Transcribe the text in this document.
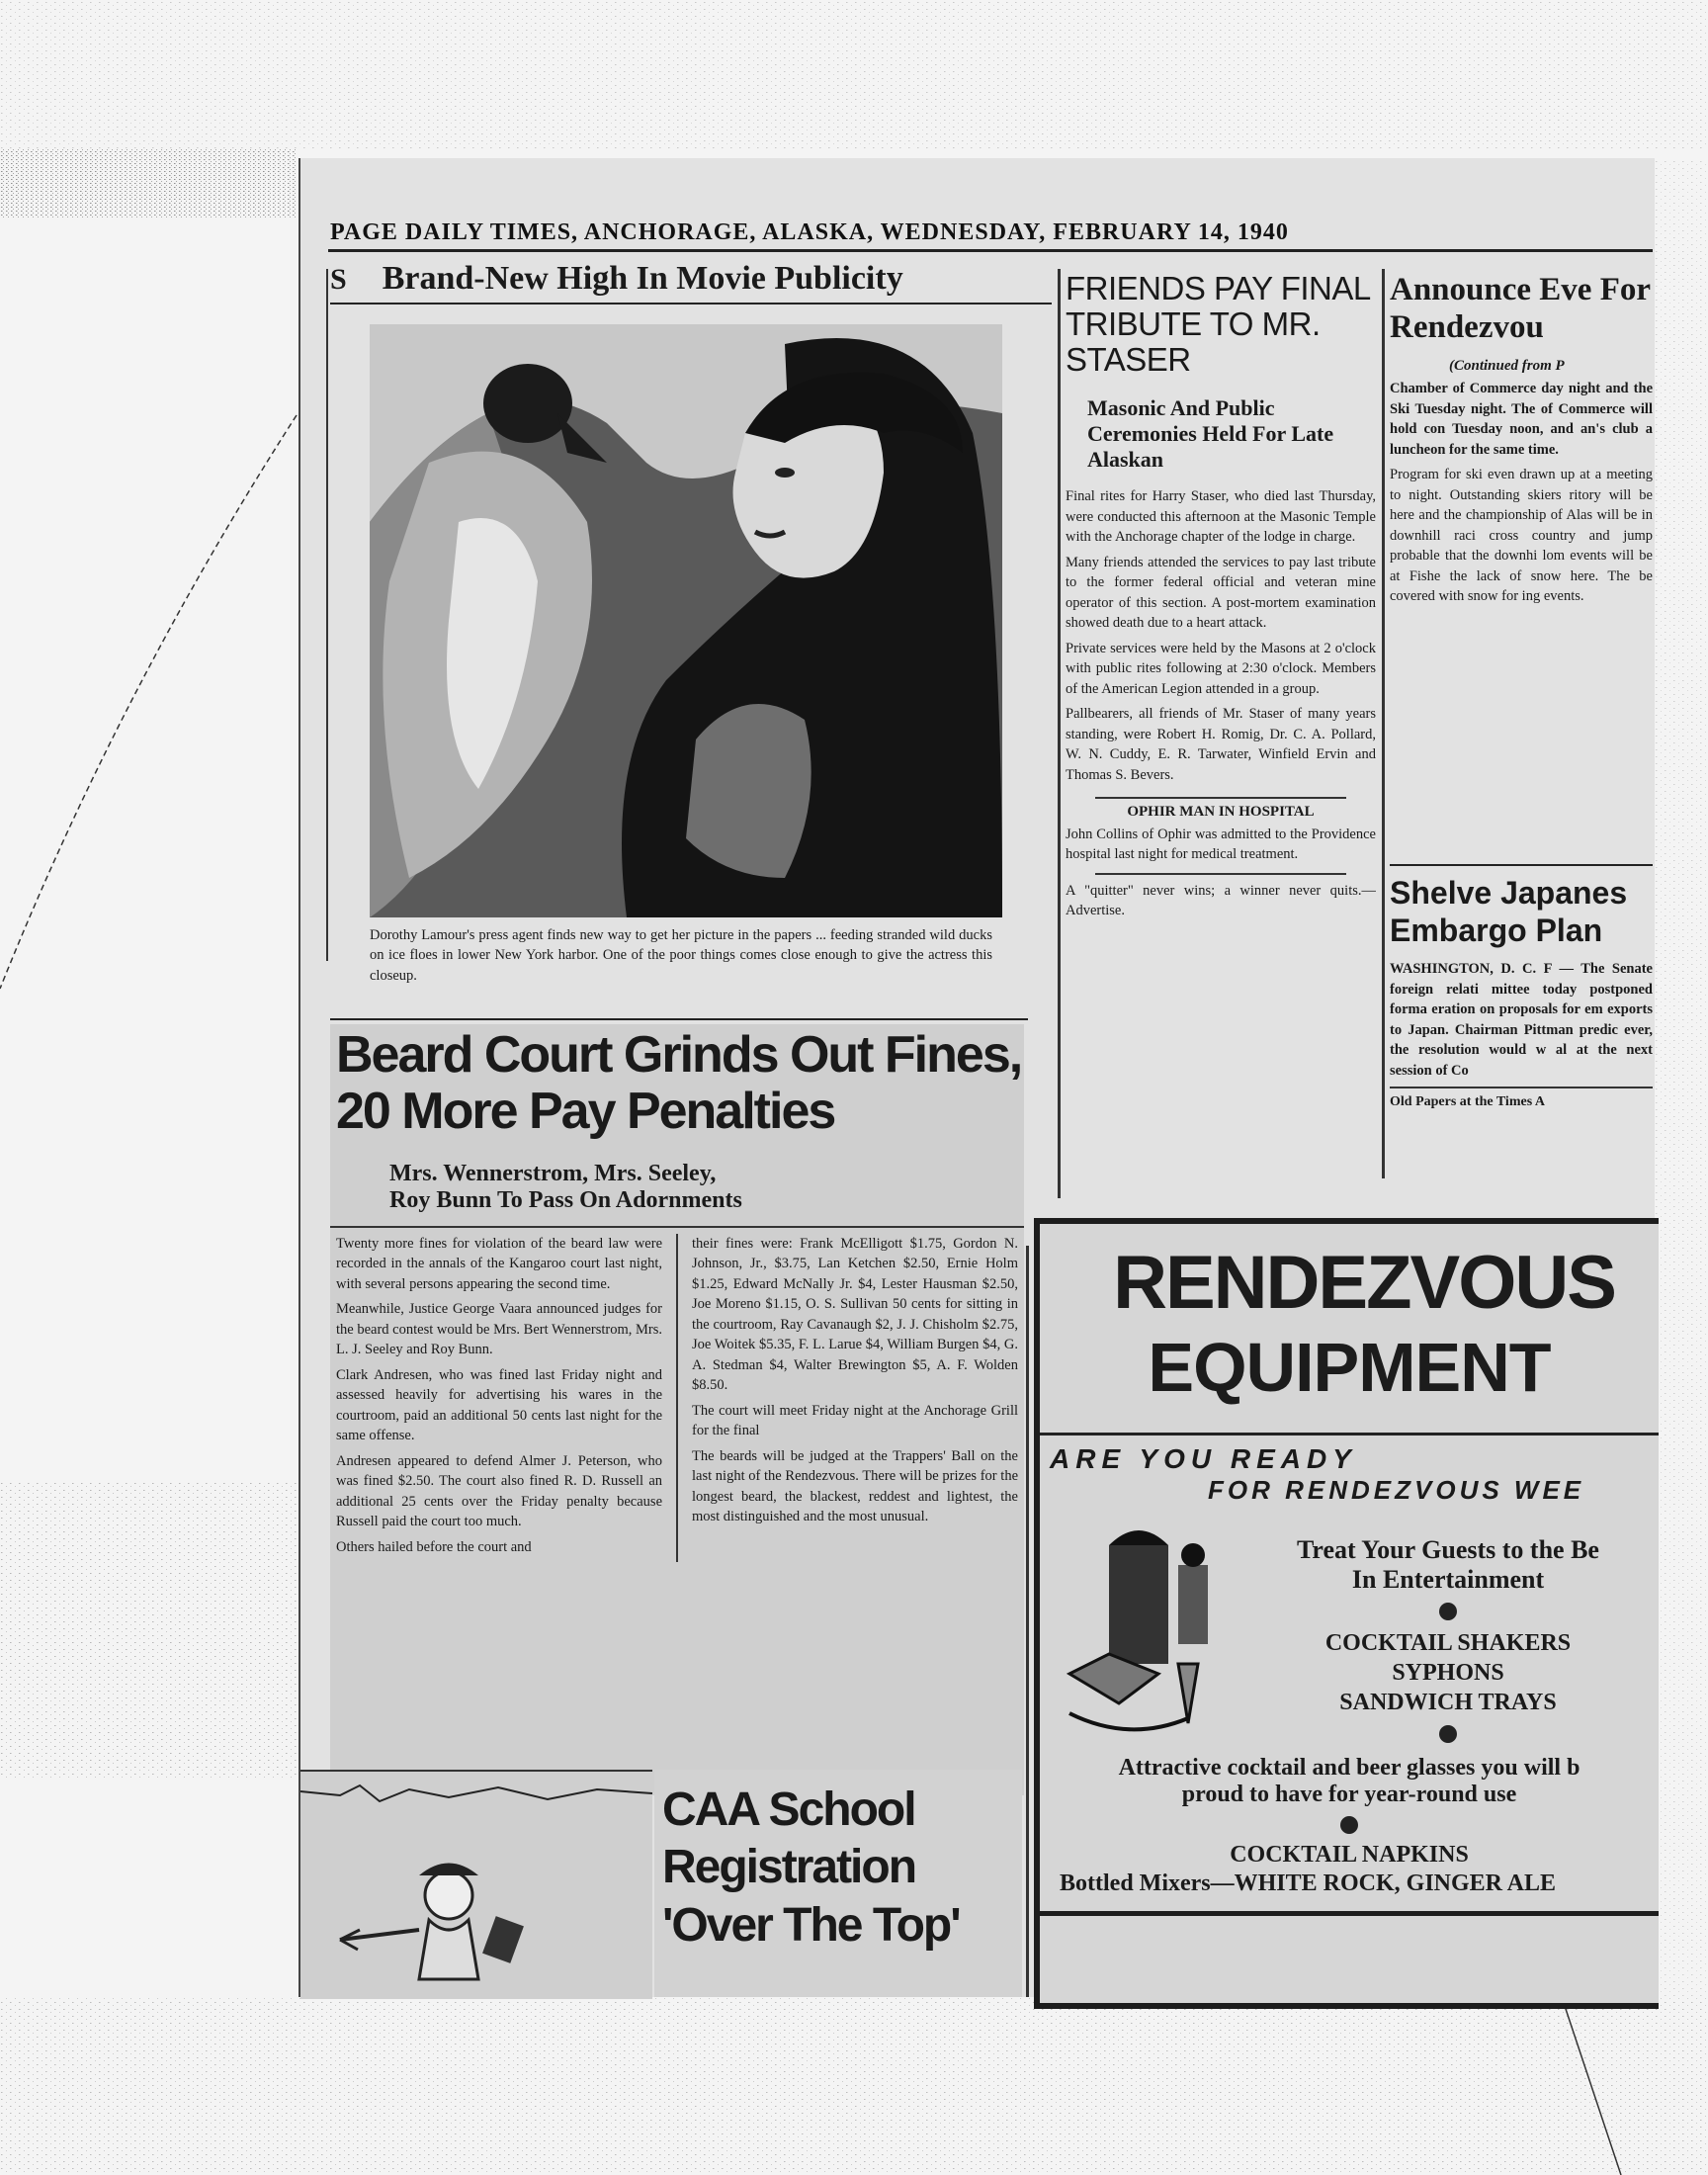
PAGE DAILY TIMES, ANCHORAGE, ALASKA, WEDNESDAY, FEBRUARY 14, 1940
S Brand-New High In Movie Publicity

Dorothy Lamour's press agent finds new way to get her picture in the papers ... feeding stranded wild ducks on ice floes in lower New York harbor. One of the poor things comes close enough to give the actress this closeup.

FRIENDS PAY FINAL TRIBUTE TO MR. STASER
Masonic And Public Ceremonies Held For Late Alaskan

Final rites for Harry Staser, who died last Thursday, were conducted this afternoon at the Masonic Temple with the Anchorage chapter of the lodge in charge.

Many friends attended the services to pay last tribute to the former federal official and veteran mine operator of this section. A post-mortem examination showed death due to a heart attack.

Private services were held by the Masons at 2 o'clock with public rites following at 2:30 o'clock. Members of the American Legion attended in a group.

Pallbearers, all friends of Mr. Staser of many years standing, were Robert H. Romig, Dr. C. A. Pollard, W. N. Cuddy, E. R. Tarwater, Winfield Ervin and Thomas S. Bevers.

OPHIR MAN IN HOSPITAL

John Collins of Ophir was admitted to the Providence hospital last night for medical treatment.

A "quitter" never wins; a winner never quits.—Advertise.

Announce Eve For Rendezvou
(Continued from P

Chamber of Commerce day night and the Ski Tuesday night. The of Commerce will hold con Tuesday noon, and an's club a luncheon for the same time.

Program for ski even drawn up at a meeting to night. Outstanding skiers ritory will be here and the championship of Alas will be in downhill raci cross country and jump probable that the downhi lom events will be at Fishe the lack of snow here. The be covered with snow for ing events.

Shelve Japanes Embargo Plan

WASHINGTON, D. C. F — The Senate foreign relati mittee today postponed forma eration on proposals for em exports to Japan. Chairman Pittman predic ever, the resolution would w al at the next session of Co

Old Papers at the Times A
Beard Court Grinds Out Fines,
20 More Pay Penalties
Mrs. Wennerstrom, Mrs. Seeley,
Roy Bunn To Pass On Adornments

Twenty more fines for violation of the beard law were recorded in the annals of the Kangaroo court last night, with several persons appearing the second time.

Meanwhile, Justice George Vaara announced judges for the beard contest would be Mrs. Bert Wennerstrom, Mrs. L. J. Seeley and Roy Bunn.

Clark Andresen, who was fined last Friday night and assessed heavily for advertising his wares in the courtroom, paid an additional 50 cents last night for the same offense.

Andresen appeared to defend Almer J. Peterson, who was fined $2.50. The court also fined R. D. Russell an additional 25 cents over the Friday penalty because Russell paid the court too much.

Others hailed before the court and

their fines were: Frank McElligott $1.75, Gordon N. Johnson, Jr., $3.75, Lan Ketchen $2.50, Ernie Holm $1.25, Edward McNally Jr. $4, Lester Hausman $2.50, Joe Moreno $1.15, O. S. Sullivan 50 cents for sitting in the courtroom, Ray Cavanaugh $2, J. J. Chisholm $2.75, Joe Woitek $5.35, F. L. Larue $4, William Burgen $4, G. A. Stedman $4, Walter Brewington $5, A. F. Wolden $8.50.

The court will meet Friday night at the Anchorage Grill for the final

The beards will be judged at the Trappers' Ball on the last night of the Rendezvous. There will be prizes for the longest beard, the blackest, reddest and lightest, the most distinguished and the most unusual.

CAA School
Registration
'Over The Top'
RENDEZVOUS
EQUIPMENT
ARE YOU READY
FOR RENDEZVOUS WEE
Treat Your Guests to the Be
In Entertainment
COCKTAIL SHAKERS
SYPHONS
SANDWICH TRAYS
Attractive cocktail and beer glasses you will b
proud to have for year-round use
COCKTAIL NAPKINS
Bottled Mixers—WHITE ROCK, GINGER ALE
